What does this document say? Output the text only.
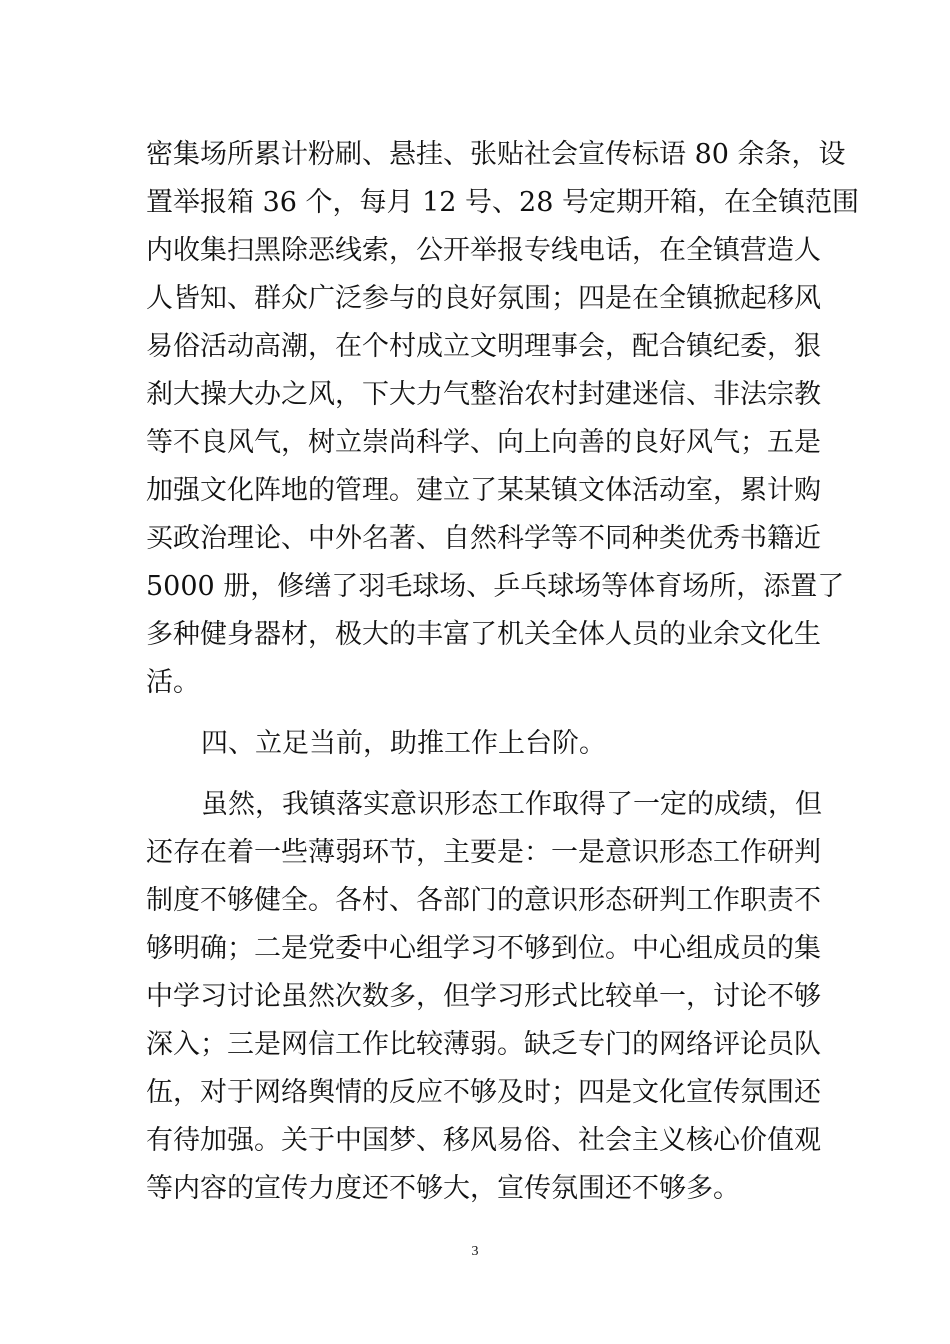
密集场所累计粉刷、悬挂、张贴社会宣传标语 80 余条，设
置举报箱 36 个，每月 12 号、28 号定期开箱，在全镇范围
内收集扫黑除恶线索，公开举报专线电话，在全镇营造人
人皆知、群众广泛参与的良好氛围；四是在全镇掀起移风
易俗活动高潮，在个村成立文明理事会，配合镇纪委，狠
刹大操大办之风，下大力气整治农村封建迷信、非法宗教
等不良风气，树立崇尚科学、向上向善的良好风气；五是
加强文化阵地的管理。建立了某某镇文体活动室，累计购
买政治理论、中外名著、自然科学等不同种类优秀书籍近
5000 册，修缮了羽毛球场、乒乓球场等体育场所，添置了
多种健身器材，极大的丰富了机关全体人员的业余文化生
活。
四、立足当前，助推工作上台阶。
虽然，我镇落实意识形态工作取得了一定的成绩，但
还存在着一些薄弱环节，主要是：一是意识形态工作研判
制度不够健全。各村、各部门的意识形态研判工作职责不
够明确；二是党委中心组学习不够到位。中心组成员的集
中学习讨论虽然次数多，但学习形式比较单一，讨论不够
深入；三是网信工作比较薄弱。缺乏专门的网络评论员队
伍，对于网络舆情的反应不够及时；四是文化宣传氛围还
有待加强。关于中国梦、移风易俗、社会主义核心价值观
等内容的宣传力度还不够大，宣传氛围还不够多。
3
